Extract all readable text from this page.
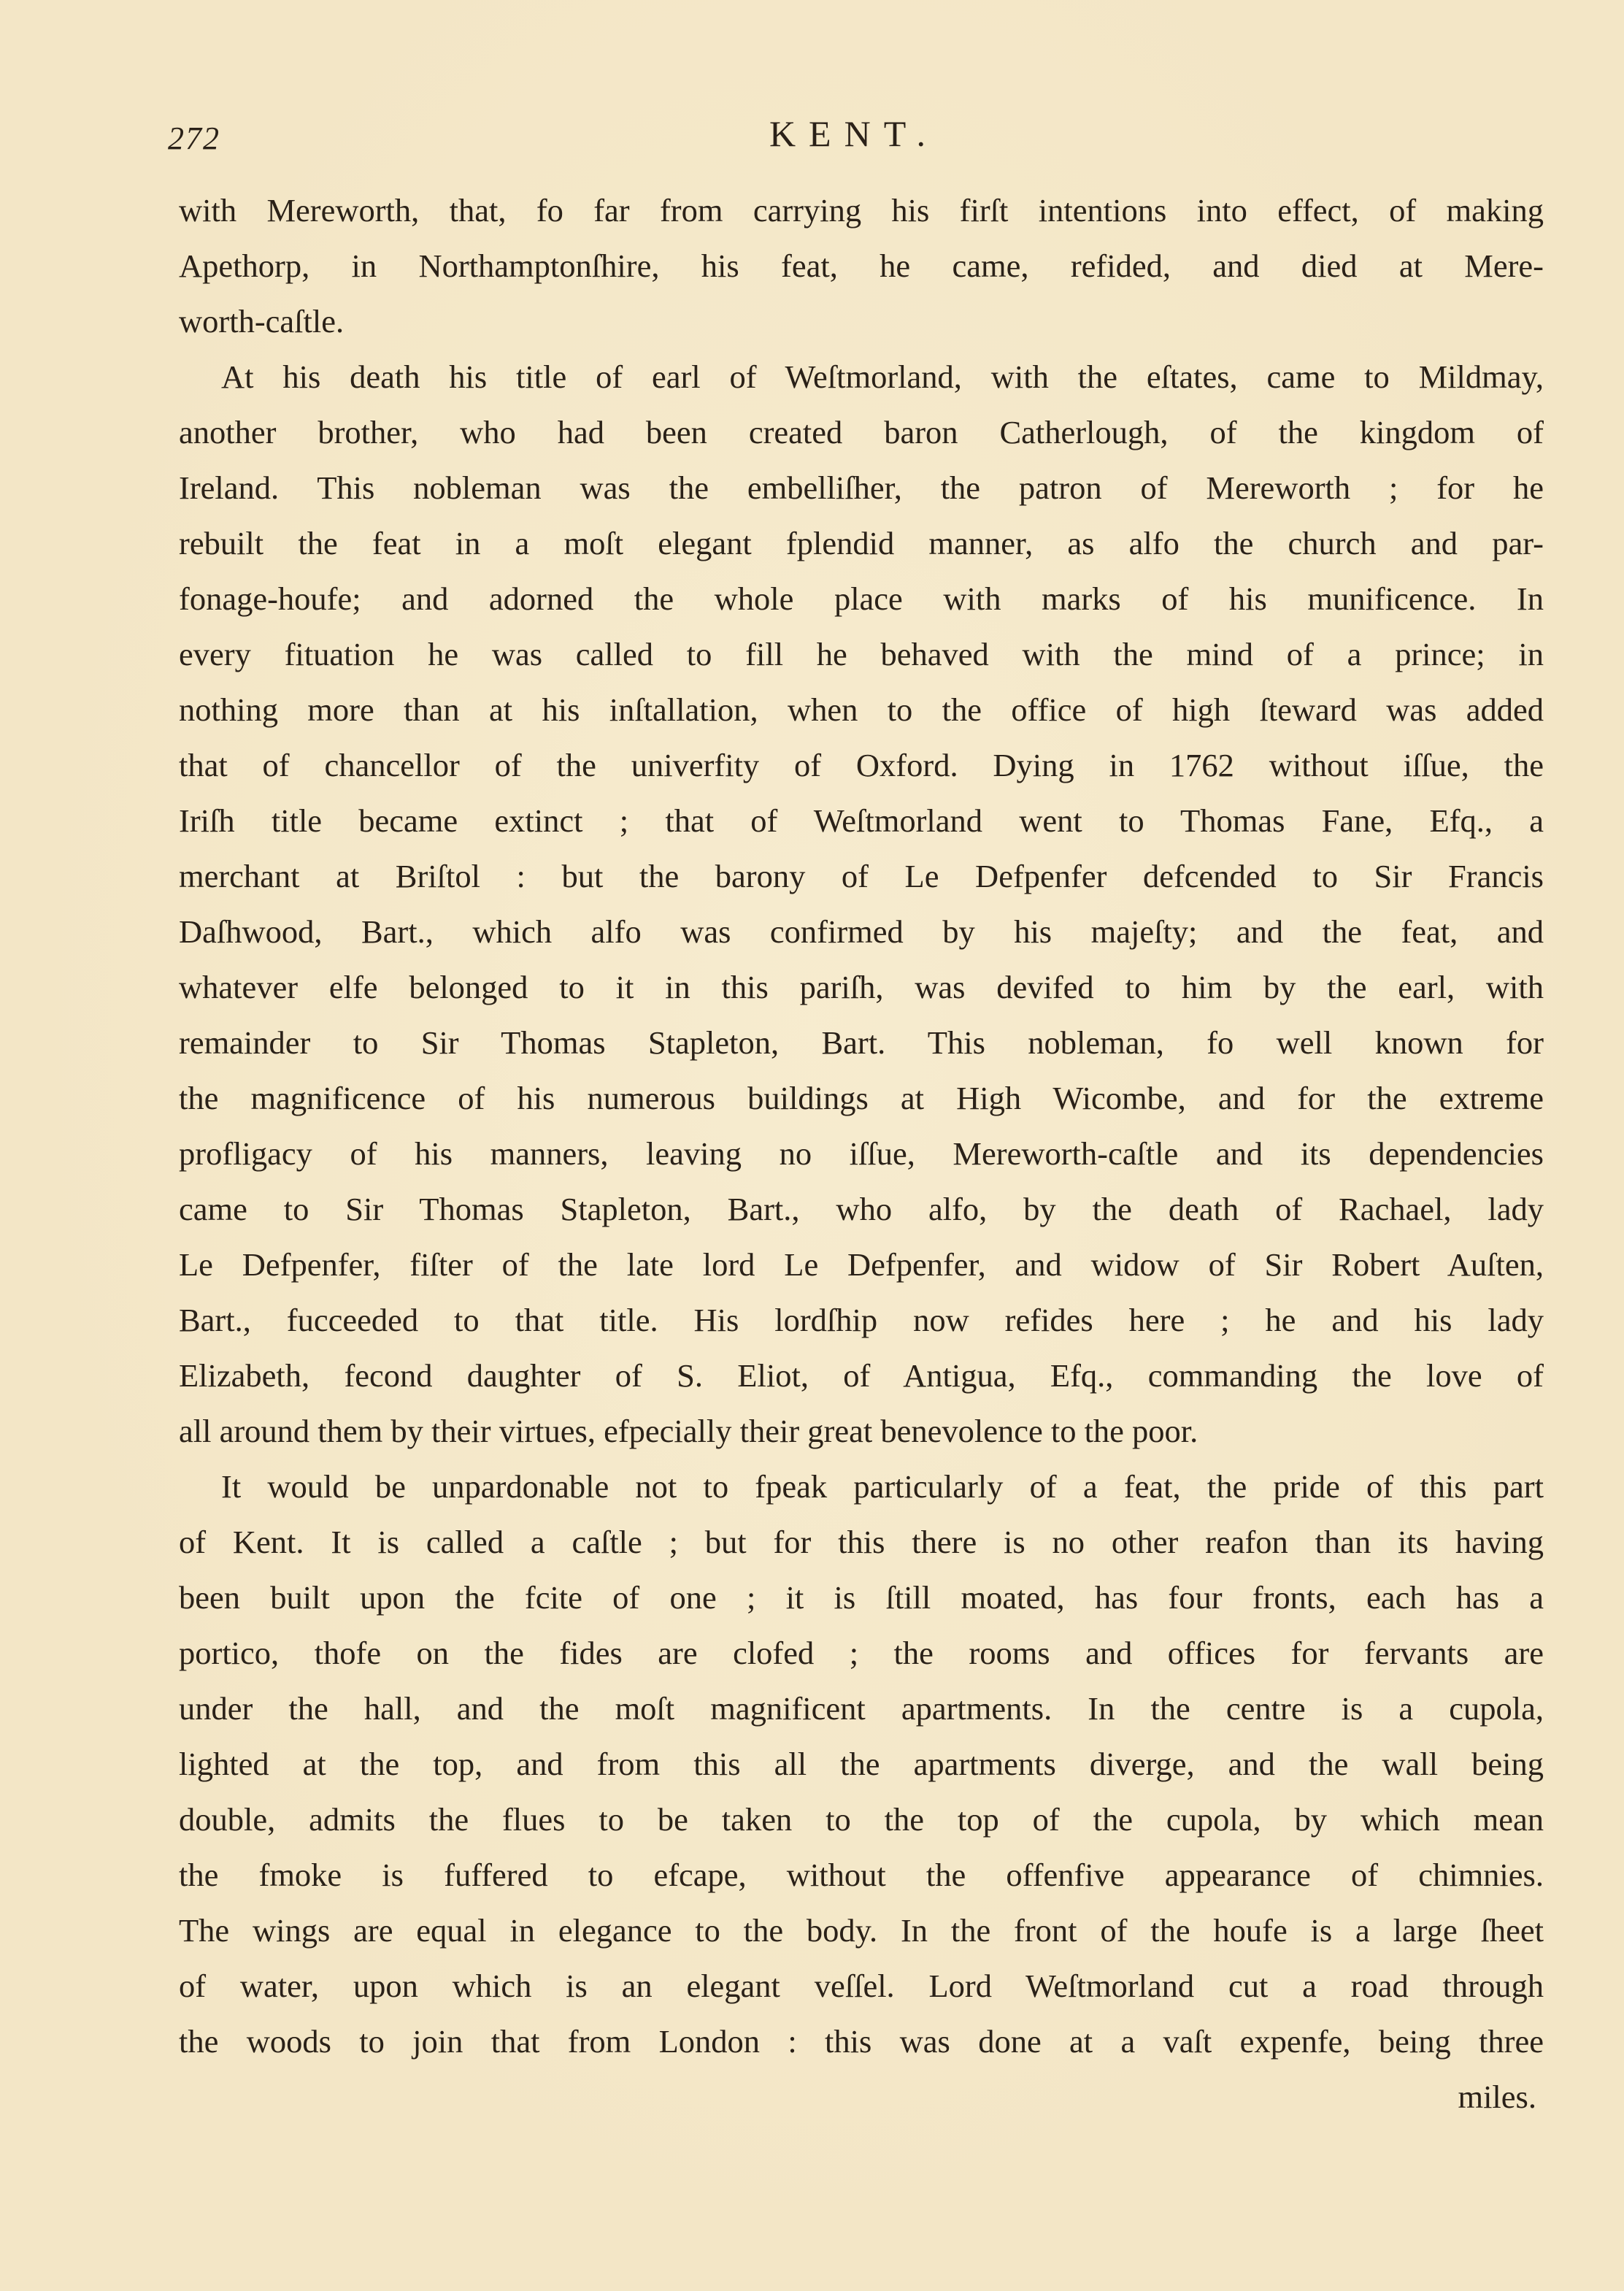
272	KENT.
with Mereworth, that, fo far from carrying his firſt intentions into effect, of making
Apethorp, in Northamptonſhire, his feat, he came, refided, and died at Mere-
worth-caſtle.
At his death his title of earl of Weſtmorland, with the eſtates, came to Mildmay,
another brother, who had been created baron Catherlough, of the kingdom of
Ireland. This nobleman was the embelliſher, the patron of Mereworth ; for he
rebuilt the feat in a moſt elegant fplendid manner, as alfo the church and par-
fonage-houfe; and adorned the whole place with marks of his munificence. In
every fituation he was called to fill he behaved with the mind of a prince; in
nothing more than at his inſtallation, when to the office of high ſteward was added
that of chancellor of the univerfity of Oxford. Dying in 1762 without iſſue, the
Iriſh title became extinct ; that of Weſtmorland went to Thomas Fane, Efq., a
merchant at Briſtol : but the barony of Le Defpenfer defcended to Sir Francis
Daſhwood, Bart., which alfo was confirmed by his majeſty; and the feat, and
whatever elfe belonged to it in this pariſh, was devifed to him by the earl, with
remainder to Sir Thomas Stapleton, Bart. This nobleman, fo well known for
the magnificence of his numerous buildings at High Wicombe, and for the extreme
profligacy of his manners, leaving no iſſue, Mereworth-caſtle and its dependencies
came to Sir Thomas Stapleton, Bart., who alfo, by the death of Rachael, lady
Le Defpenfer, fiſter of the late lord Le Defpenfer, and widow of Sir Robert Auſten,
Bart., fucceeded to that title. His lordſhip now refides here ; he and his lady
Elizabeth, fecond daughter of S. Eliot, of Antigua, Efq., commanding the love of
all around them by their virtues, efpecially their great benevolence to the poor.
It would be unpardonable not to fpeak particularly of a feat, the pride of this part
of Kent. It is called a caſtle ; but for this there is no other reafon than its having
been built upon the fcite of one ; it is ſtill moated, has four fronts, each has a
portico, thofe on the fides are clofed ; the rooms and offices for fervants are
under the hall, and the moſt magnificent apartments. In the centre is a cupola,
lighted at the top, and from this all the apartments diverge, and the wall being
double, admits the flues to be taken to the top of the cupola, by which mean
the fmoke is fuffered to efcape, without the offenfive appearance of chimnies.
The wings are equal in elegance to the body. In the front of the houfe is a large ſheet
of water, upon which is an elegant veſſel. Lord Weſtmorland cut a road through
the woods to join that from London : this was done at a vaſt expenfe, being three
miles.
